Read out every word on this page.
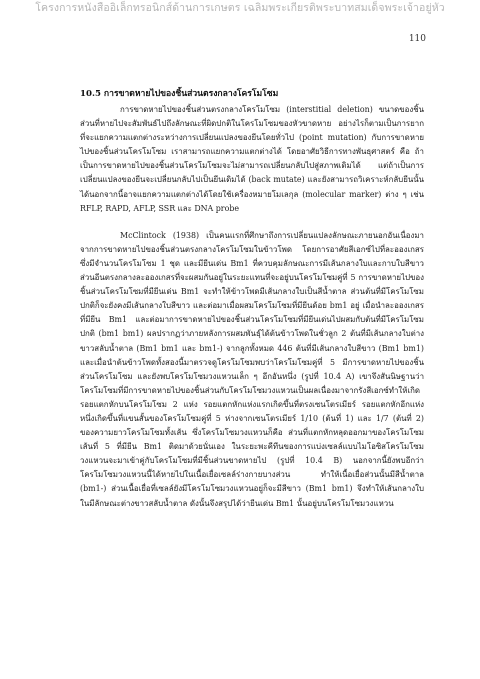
โครงการหนังสืออิเล็กทรอนิกส์ด้านการเกษตร เฉลิมพระเกียรติพระบาทสมเด็จพระเจ้าอยู่หัว
110
10.5 การขาดหายไปของชิ้นส่วนตรงกลางโครโมโซม

การขาดหายไปของชิ้นส่วนตรงกลางโครโมโซม (interstitial deletion) ขนาดของชิ้นส่วนที่หายไปจะสัมพันธ์ไปถึงลักษณะที่ผิดปกติในโครโมโซมของหัวขาดหาย อย่างไรก็ตามเป็นการยากที่จะแยกความแตกต่างระหว่างการเปลี่ยนแปลงของยีนโดยทั่วไป (point mutation) กับการขาดหายไปของชิ้นส่วนโครโมโซม เราสามารถแยกความแตกต่างได้ โดยอาศัยวิธีการทางพันธุศาสตร์ คือ ถ้าเป็นการขาดหายไปของชิ้นส่วนโครโมโซมจะไม่สามารถเปลี่ยนกลับไปสู่สภาพเดิมได้ แต่ถ้าเป็นการเปลี่ยนแปลงของยีนจะเปลี่ยนกลับไปเป็นยีนเดิมได้ (back mutate) และยังสามารถวิเคราะห์กลับยีนนั้นได้นอกจากนี้อาจแยกความแตกต่างได้โดยใช้เครื่องหมายโมเลกุล (molecular marker) ต่าง ๆ เช่น RFLP, RAPD, AFLP, SSR และ DNA probe

McClintock (1938) เป็นคนแรกที่ศึกษาถึงการเปลี่ยนแปลงลักษณะภายนอกอันเนื่องมาจากการขาดหายไปของชิ้นส่วนตรงกลางโครโมโซมในข้าวโพด โดยการอาศัยสีเอกซ์ไปที่ละอองเกสรซึ่งมีจำนวนโครโมโซม 1 ชุด และมียีนเด่น Bm1 ที่ควบคุมลักษณะการมีเส้นกลางใบและกาบใบสีขาว ส่วนอีนตรงกลางละอองเกสรที่จะผสมกันอยู่ในระยะแทนที่จะอยู่บนโครโมโซมคู่ที่ 5 การขาดหายไปของชิ้นส่วนโครโมโซมที่มียีนเด่น Bm1 จะทำให้ข้าวโพดมีเส้นกลางใบเป็นสีน้ำตาล ส่วนต้นที่มีโครโมโซมปกติก็จะยังคงมีเส้นกลางใบสีขาว และต่อมาเมื่อผสมโครโมโซมที่มียีนด้อย bm1 อยู่ เมื่อนำละอองเกสรที่มียีน Bm1 และต่อมาการขาดหายไปของชิ้นส่วนโครโมโซมที่มียีนเด่นไปผสมกับต้นที่มีโครโมโซมปกติ (bm1 bm1) ผลปรากฏว่าภายหลังการผสมพันธุ์ได้ต้นข้าวโพดในชั่วลูก 2 ต้นที่มีเส้นกลางใบต่างขาวสลับน้ำตาล (Bm1 bm1 และ bm1-) จากลูกทั้งหมด 446 ต้นที่มีเส้นกลางใบสีขาว (Bm1 bm1) และเมื่อนำต้นข้าวโพดทั้งสองนี้มาตรวจดูโครโมโซมพบว่าโครโมโซมคู่ที่ 5 มีการขาดหายไปของชิ้นส่วนโครโมโซม และยังพบโครโมโซมวงแหวนเล็ก ๆ อีกอันหนึ่ง (รูปที่ 10.4 A) เขาจึงสันนิษฐานว่าโครโมโซมที่มีการขาดหายไปของชิ้นส่วนกับโครโมโซมวงแหวนเป็นผลเนื่องมาจากรังสีเอกซ์ทำให้เกิดรอยแตกหักบนโครโมโซม 2 แห่ง รอยแตกหักแห่งแรกเกิดขึ้นที่ตรงเซนโตรเมียร์ รอยแตกหักอีกแห่งหนึ่งเกิดขึ้นที่แขนสั้นของโครโมโซมคู่ที่ 5 ห่างจากเซนโตรเมียร์ 1/10 (ต้นที่ 1) และ 1/7 (ต้นที่ 2) ของความยาวโครโมโซมทั้งเส้น ซึ่งโครโมโซมวงแหวนก็คือ ส่วนที่แตกหักหลุดออกมาของโครโมโซมเส้นที่ 5 ที่มียีน Bm1 ติดมาด้วยนั่นเอง ในระยะพะคีทีนของการแบ่งเซลล์แบบไมโอซิสโครโมโซมวงแหวนจะมาเข้าคู่กับโครโมโซมที่มีชิ้นส่วนขาดหายไป (รูปที่ 10.4 B) นอกจากนี้ยังพบอีกว่า โครโมโซมวงแหวนนี้ได้หายไปในเนื้อเยื่อเซลล์ร่างกายบางส่วน ทำให้เนื้อเยื่อส่วนนั้นมีสีน้ำตาล (bm1-) ส่วนเนื้อเยื่อที่เซลล์ยังมีโครโมโซมวงแหวนอยู่ก็จะมีสีขาว (Bm1 bm1) จึงทำให้เส้นกลางใบในมีลักษณะต่างขาวสลับน้ำตาล ดังนั้นจึงสรุปได้ว่ายีนเด่น Bm1 นั้นอยู่บนโครโมโซมวงแหวน
